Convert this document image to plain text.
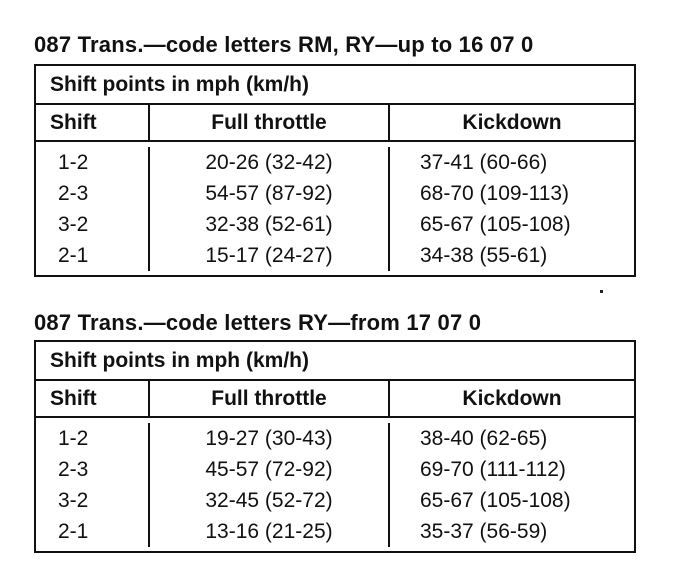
087 Trans.—code letters RM, RY—up to 16 07 0
Shift points in mph (km/h)
Shift	Full throttle	Kickdown
1-2	20-26 (32-42)	37-41 (60-66)
2-3	54-57 (87-92)	68-70 (109-113)
3-2	32-38 (52-61)	65-67 (105-108)
2-1	15-17 (24-27)	34-38 (55-61)
087 Trans.—code letters RY—from 17 07 0
Shift points in mph (km/h)
Shift	Full throttle	Kickdown
1-2	19-27 (30-43)	38-40 (62-65)
2-3	45-57 (72-92)	69-70 (111-112)
3-2	32-45 (52-72)	65-67 (105-108)
2-1	13-16 (21-25)	35-37 (56-59)
